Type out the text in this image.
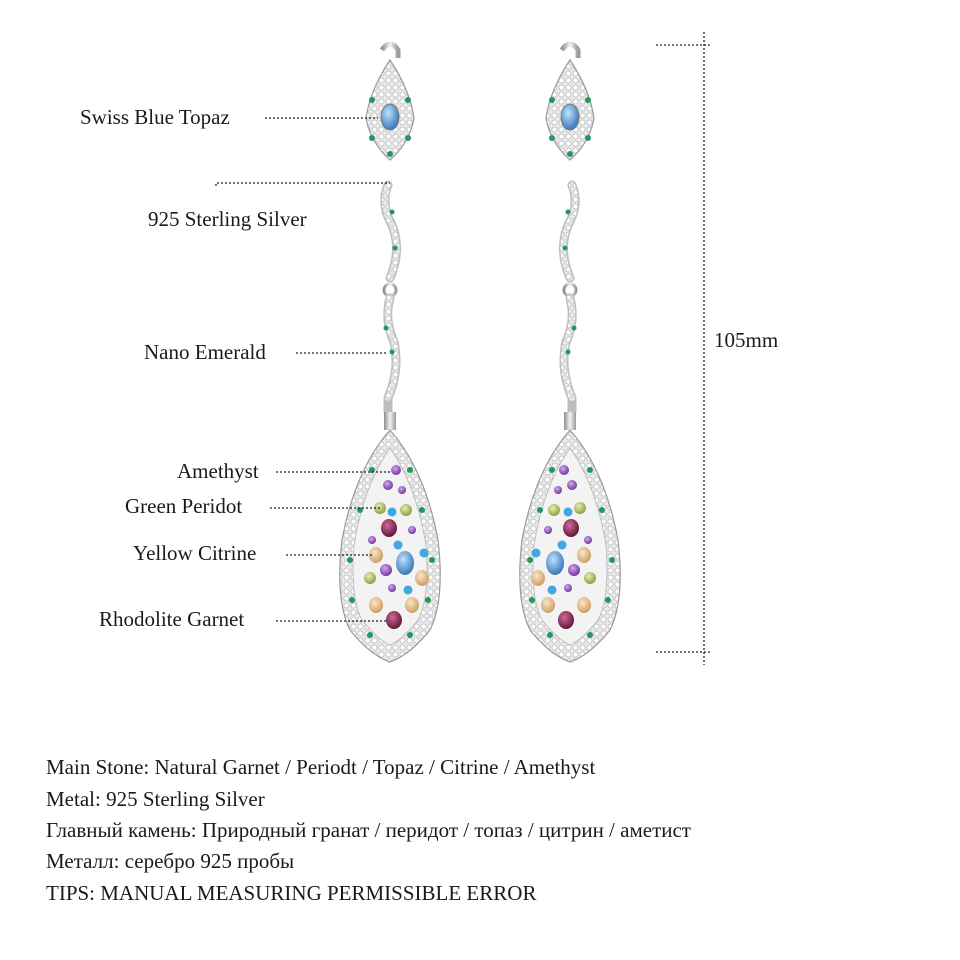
Swiss Blue Topaz
925 Sterling Silver
Nano Emerald
Amethyst
Green Peridot
Yellow Citrine
Rhodolite Garnet
105mm
Main Stone: Natural Garnet / Periodt / Topaz / Citrine / Amethyst
Metal: 925 Sterling Silver
Главный камень: Природный гранат / перидот / топаз / цитрин / аметист
Металл: серебро 925 пробы
TIPS: MANUAL MEASURING PERMISSIBLE ERROR
